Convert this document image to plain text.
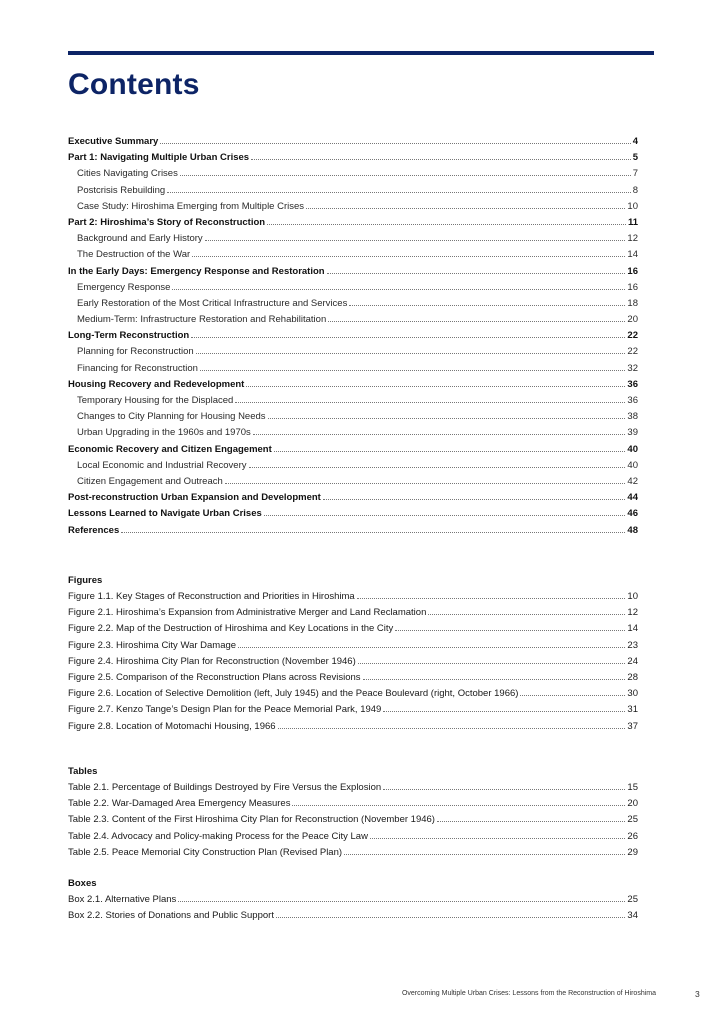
Contents
Executive Summary	4
Part 1: Navigating Multiple Urban Crises	5
Cities Navigating Crises	7
Postcrisis Rebuilding	8
Case Study: Hiroshima Emerging from Multiple Crises	10
Part 2: Hiroshima’s Story of Reconstruction	11
Background and Early History	12
The Destruction of the War	14
In the Early Days: Emergency Response and Restoration	16
Emergency Response	16
Early Restoration of the Most Critical Infrastructure and Services	18
Medium-Term: Infrastructure Restoration and Rehabilitation	20
Long-Term Reconstruction	22
Planning for Reconstruction	22
Financing for Reconstruction	32
Housing Recovery and Redevelopment	36
Temporary Housing for the Displaced	36
Changes to City Planning for Housing Needs	38
Urban Upgrading in the 1960s and 1970s	39
Economic Recovery and Citizen Engagement	40
Local Economic and Industrial Recovery	40
Citizen Engagement and Outreach	42
Post-reconstruction Urban Expansion and Development	44
Lessons Learned to Navigate Urban Crises	46
References	48
Figures
Figure 1.1. Key Stages of Reconstruction and Priorities in Hiroshima	10
Figure 2.1. Hiroshima’s Expansion from Administrative Merger and Land Reclamation	12
Figure 2.2. Map of the Destruction of Hiroshima and Key Locations in the City	14
Figure 2.3. Hiroshima City War Damage	23
Figure 2.4. Hiroshima City Plan for Reconstruction (November 1946)	24
Figure 2.5. Comparison of the Reconstruction Plans across Revisions	28
Figure 2.6. Location of Selective Demolition (left, July 1945) and the Peace Boulevard (right, October 1966)	30
Figure 2.7. Kenzo Tange’s Design Plan for the Peace Memorial Park, 1949	31
Figure 2.8. Location of Motomachi Housing, 1966	37
Tables
Table 2.1. Percentage of Buildings Destroyed by Fire Versus the Explosion	15
Table 2.2. War-Damaged Area Emergency Measures	20
Table 2.3. Content of the First Hiroshima City Plan for Reconstruction (November 1946)	25
Table 2.4. Advocacy and Policy-making Process for the Peace City Law	26
Table 2.5. Peace Memorial City Construction Plan (Revised Plan)	29
Boxes
Box 2.1. Alternative Plans	25
Box 2.2. Stories of Donations and Public Support	34
Overcoming Multiple Urban Crises: Lessons from the Reconstruction of Hiroshima	3
